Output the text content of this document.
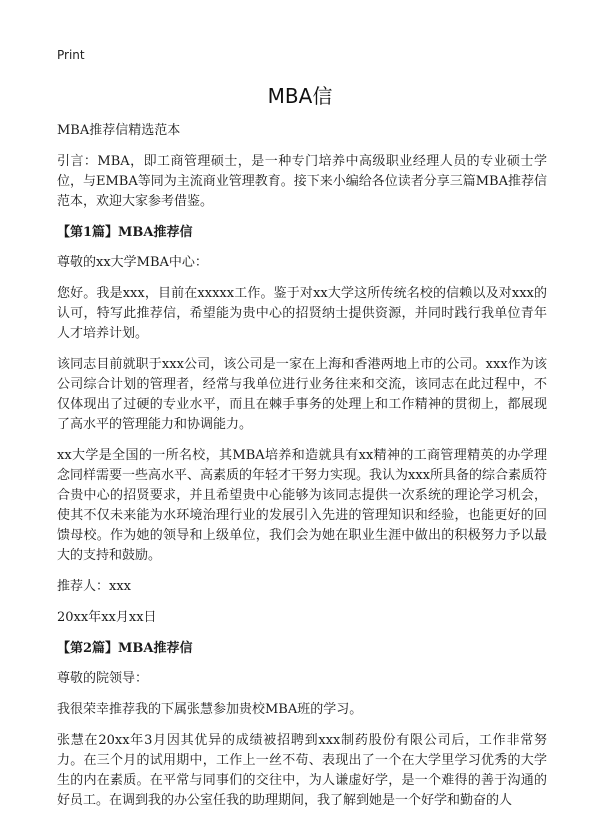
Print
MBA信

MBA推荐信精选范本

引言：MBA，即工商管理硕士，是一种专门培养中高级职业经理人员的专业硕士学位，与EMBA等同为主流商业管理教育。接下来小编给各位读者分享三篇MBA推荐信范本，欢迎大家参考借鉴。

【第1篇】MBA推荐信

尊敬的xx大学MBA中心：

您好。我是xxx，目前在xxxxx工作。鉴于对xx大学这所传统名校的信赖以及对xxx的认可，特写此推荐信，希望能为贵中心的招贤纳士提供资源，并同时践行我单位青年人才培养计划。

该同志目前就职于xxx公司，该公司是一家在上海和香港两地上市的公司。xxx作为该公司综合计划的管理者，经常与我单位进行业务往来和交流，该同志在此过程中，不仅体现出了过硬的专业水平，而且在棘手事务的处理上和工作精神的贯彻上，都展现了高水平的管理能力和协调能力。

xx大学是全国的一所名校，其MBA培养和造就具有xx精神的工商管理精英的办学理念同样需要一些高水平、高素质的年轻才干努力实现。我认为xxx所具备的综合素质符合贵中心的招贤要求，并且希望贵中心能够为该同志提供一次系统的理论学习机会，使其不仅未来能为水环境治理行业的发展引入先进的管理知识和经验，也能更好的回馈母校。作为她的领导和上级单位，我们会为她在职业生涯中做出的积极努力予以最大的支持和鼓励。

推荐人：xxx

20xx年xx月xx日

【第2篇】MBA推荐信

尊敬的院领导：

我很荣幸推荐我的下属张慧参加贵校MBA班的学习。

张慧在20xx年3月因其优异的成绩被招聘到xxx制药股份有限公司后，工作非常努力。在三个月的试用期中，工作上一丝不苟、表现出了一个在大学里学习优秀的大学生的内在素质。在平常与同事们的交往中，为人谦虚好学，是一个难得的善于沟通的好员工。在调到我的办公室任我的助理期间，我了解到她是一个好学和勤奋的人
